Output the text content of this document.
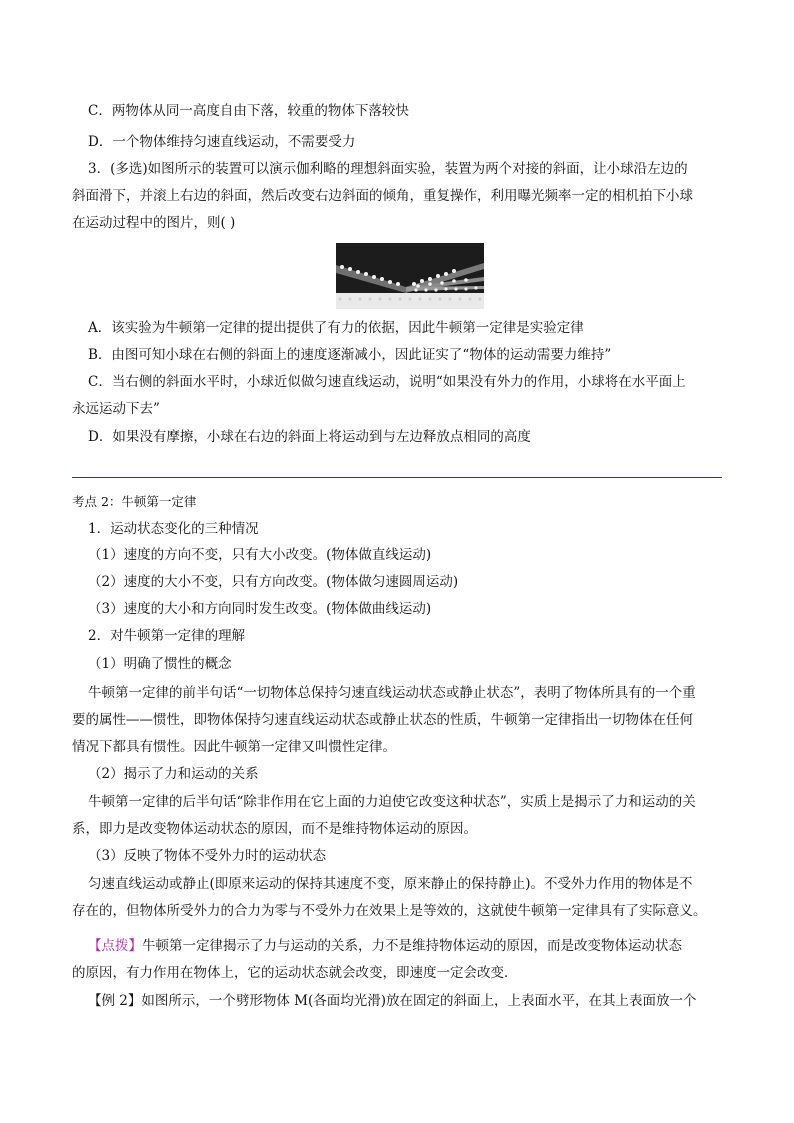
C．两物体从同一高度自由下落，较重的物体下落较快
D．一个物体维持匀速直线运动，不需要受力
3．(多选)如图所示的装置可以演示伽利略的理想斜面实验，装置为两个对接的斜面，让小球沿左边的
斜面滑下，并滚上右边的斜面，然后改变右边斜面的倾角，重复操作，利用曝光频率一定的相机拍下小球
在运动过程中的图片，则( )
A．该实验为牛顿第一定律的提出提供了有力的依据，因此牛顿第一定律是实验定律
B．由图可知小球在右侧的斜面上的速度逐渐减小，因此证实了“物体的运动需要力维持”
C．当右侧的斜面水平时，小球近似做匀速直线运动，说明“如果没有外力的作用，小球将在水平面上
永远运动下去”
D．如果没有摩擦，小球在右边的斜面上将运动到与左边释放点相同的高度
考点 2：牛顿第一定律
1．运动状态变化的三种情况
（1）速度的方向不变，只有大小改变。(物体做直线运动)
（2）速度的大小不变，只有方向改变。(物体做匀速圆周运动)
（3）速度的大小和方向同时发生改变。(物体做曲线运动)
2．对牛顿第一定律的理解
（1）明确了惯性的概念
牛顿第一定律的前半句话“一切物体总保持匀速直线运动状态或静止状态”，表明了物体所具有的一个重
要的属性——惯性，即物体保持匀速直线运动状态或静止状态的性质，牛顿第一定律指出一切物体在任何
情况下都具有惯性。因此牛顿第一定律又叫惯性定律。
（2）揭示了力和运动的关系
牛顿第一定律的后半句话“除非作用在它上面的力迫使它改变这种状态”，实质上是揭示了力和运动的关
系，即力是改变物体运动状态的原因，而不是维持物体运动的原因。
（3）反映了物体不受外力时的运动状态
匀速直线运动或静止(即原来运动的保持其速度不变，原来静止的保持静止)。不受外力作用的物体是不
存在的，但物体所受外力的合力为零与不受外力在效果上是等效的，这就使牛顿第一定律具有了实际意义。
【点拨】牛顿第一定律揭示了力与运动的关系，力不是维持物体运动的原因，而是改变物体运动状态
的原因，有力作用在物体上，它的运动状态就会改变，即速度一定会改变．
【例 2】如图所示，一个劈形物体 M(各面均光滑)放在固定的斜面上，上表面水平，在其上表面放一个
